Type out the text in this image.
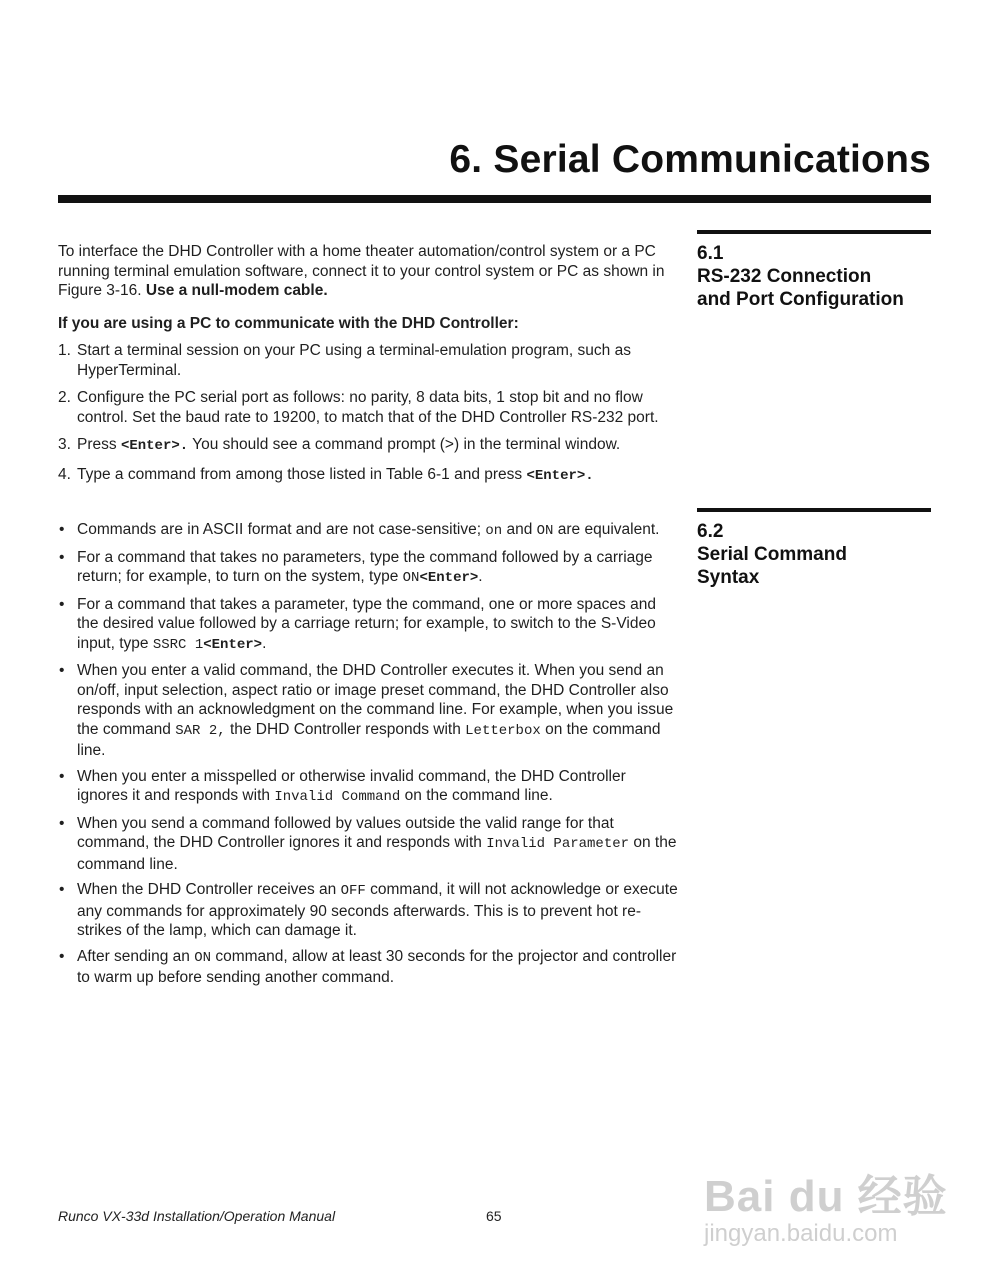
6. Serial Communications
6.1
RS-232 Connection
and Port Configuration
6.2
Serial Command
Syntax

To interface the DHD Controller with a home theater automation/control system or a PC running terminal emulation software, connect it to your control system or PC as shown in Figure 3-16. Use a null-modem cable.

If you are using a PC to communicate with the DHD Controller:
1. Start a terminal session on your PC using a terminal-emulation program, such as HyperTerminal.
2. Configure the PC serial port as follows: no parity, 8 data bits, 1 stop bit and no flow control. Set the baud rate to 19200, to match that of the DHD Controller RS-232 port.
3. Press <Enter>. You should see a command prompt (>) in the terminal window.
4. Type a command from among those listed in Table 6-1 and press <Enter>.
• Commands are in ASCII format and are not case-sensitive; on and ON are equivalent.
• For a command that takes no parameters, type the command followed by a carriage return; for example, to turn on the system, type ON<Enter>.
• For a command that takes a parameter, type the command, one or more spaces and the desired value followed by a carriage return; for example, to switch to the S-Video input, type SSRC 1<Enter>.
• When you enter a valid command, the DHD Controller executes it. When you send an on/off, input selection, aspect ratio or image preset command, the DHD Controller also responds with an acknowledgment on the command line. For example, when you issue the command SAR 2, the DHD Controller responds with Letterbox on the command line.
• When you enter a misspelled or otherwise invalid command, the DHD Controller ignores it and responds with Invalid Command on the command line.
• When you send a command followed by values outside the valid range for that command, the DHD Controller ignores it and responds with Invalid Parameter on the command line.
• When the DHD Controller receives an OFF command, it will not acknowledge or execute any commands for approximately 90 seconds afterwards. This is to prevent hot re-strikes of the lamp, which can damage it.
• After sending an ON command, allow at least 30 seconds for the projector and controller to warm up before sending another command.
Runco VX-33d Installation/Operation Manual	65	Bai du 经验
jingyan.baidu.com
